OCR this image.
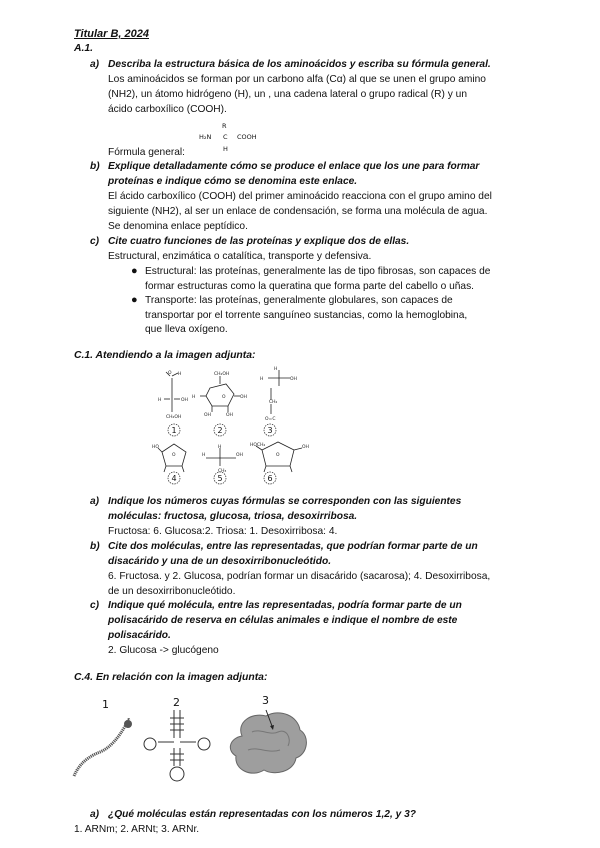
Titular B, 2024
A.1.
a) Describa la estructura básica de los aminoácidos y escriba su fórmula general.
Los aminoácidos se forman por un carbono alfa (Cα) al que se unen el grupo amino
(NH2), un átomo hidrógeno (H), un , una cadena lateral o grupo radical (R) y un
ácido carboxílico (COOH).
R
H₂N C COOH
H
Fórmula general:
b) Explique detalladamente cómo se produce el enlace que los une para formar
proteínas e indique cómo se denomina este enlace.
El ácido carboxílico (COOH) del primer aminoácido reacciona con el grupo amino del
siguiente (NH2), al ser un enlace de condensación, se forma una molécula de agua.
Se denomina enlace peptídico.
c) Cite cuatro funciones de las proteínas y explique dos de ellas.
Estructural, enzimática o catalítica, transporte y defensiva.
● Estructural: las proteínas, generalmente las de tipo fibrosas, son capaces de
formar estructuras como la queratina que forma parte del cabello o uñas.
● Transporte: las proteínas, generalmente globulares, son capaces de
transportar por el torrente sanguíneo sustancias, como la hemoglobina,
que lleva oxígeno.
C.1. Atendiendo a la imagen adjunta:
O H
H	OH
CH₂OH
CH₂OH
O
H	OH
OH	OH
H
H
OH
CH₂
O=C
HO
O	H	OH
H
CH₃
HOCH₂
O
OH
1	2	3
4	5	6
a) Indique los números cuyas fórmulas se corresponden con las siguientes
moléculas: fructosa, glucosa, triosa, desoxirribosa.
Fructosa: 6. Glucosa:2. Triosa: 1. Desoxirribosa: 4.
b) Cite dos moléculas, entre las representadas, que podrían formar parte de un
disacárido y una de un desoxirribonucleótido.
6. Fructosa. y 2. Glucosa, podrían formar un disacárido (sacarosa); 4. Desoxirribosa,
de un desoxirribonucleótido.
c) Indique qué molécula, entre las representadas, podría formar parte de un
polisacárido de reserva en células animales e indique el nombre de este
polisacárido.
2. Glucosa -> glucógeno
C.4. En relación con la imagen adjunta:
1	2	3
a) ¿Qué moléculas están representadas con los números 1,2, y 3?
1. ARNm; 2. ARNt; 3. ARNr.
